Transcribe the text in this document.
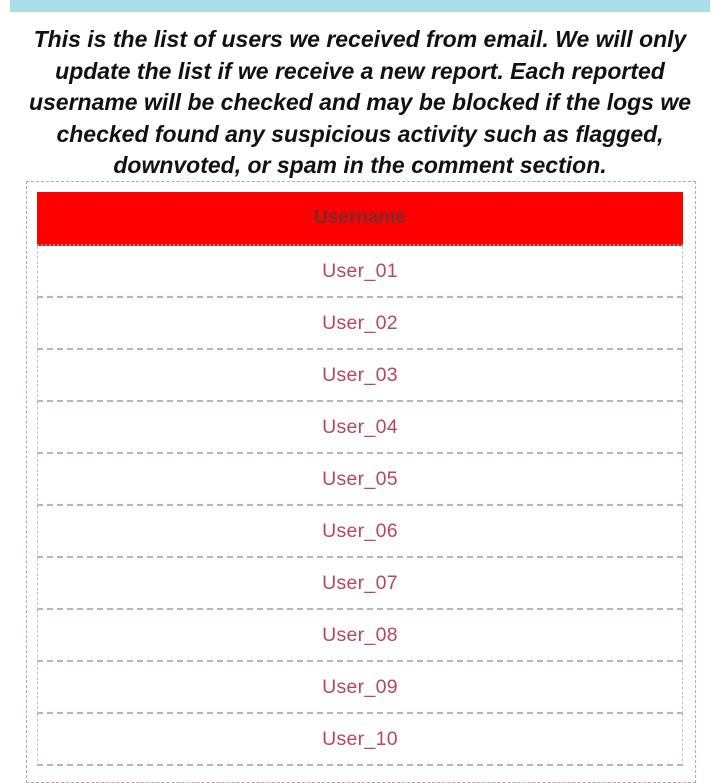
This is the list of users we received from email. We will only update the list if we receive a new report. Each reported username will be checked and may be blocked if the logs we checked found any suspicious activity such as flagged, downvoted, or spam in the comment section.
Username
User_01
User_02
User_03
User_04
User_05
User_06
User_07
User_08
User_09
User_10
